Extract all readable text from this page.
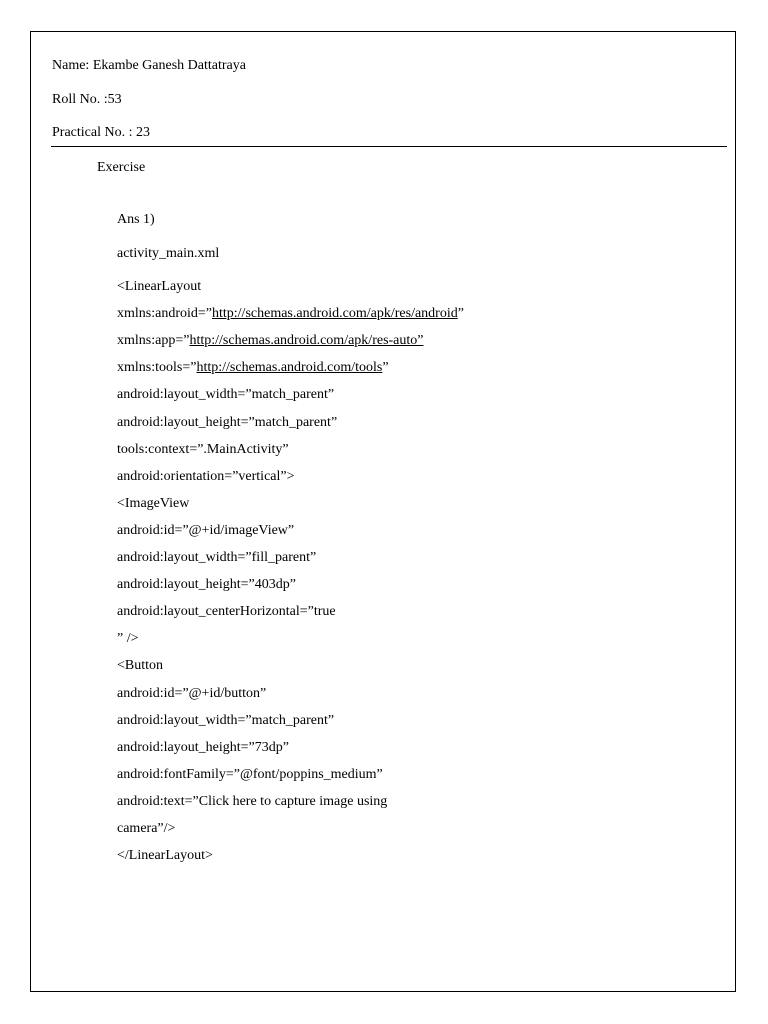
Name: Ekambe Ganesh Dattatraya
Roll No. :53
Practical No. : 23
Exercise
Ans 1)
activity_main.xml
<LinearLayout
xmlns:android=”http://schemas.android.com/apk/res/android”
xmlns:app=”http://schemas.android.com/apk/res-auto”
xmlns:tools=”http://schemas.android.com/tools”
android:layout_width=”match_parent”
android:layout_height=”match_parent”
tools:context=”.MainActivity”
android:orientation=”vertical”>
<ImageView
android:id=”@+id/imageView”
android:layout_width=”fill_parent”
android:layout_height=”403dp”
android:layout_centerHorizontal=”true
” />
<Button
android:id=”@+id/button”
android:layout_width=”match_parent”
android:layout_height=”73dp”
android:fontFamily=”@font/poppins_medium”
android:text=”Click here to capture image using
camera”/>
</LinearLayout>
